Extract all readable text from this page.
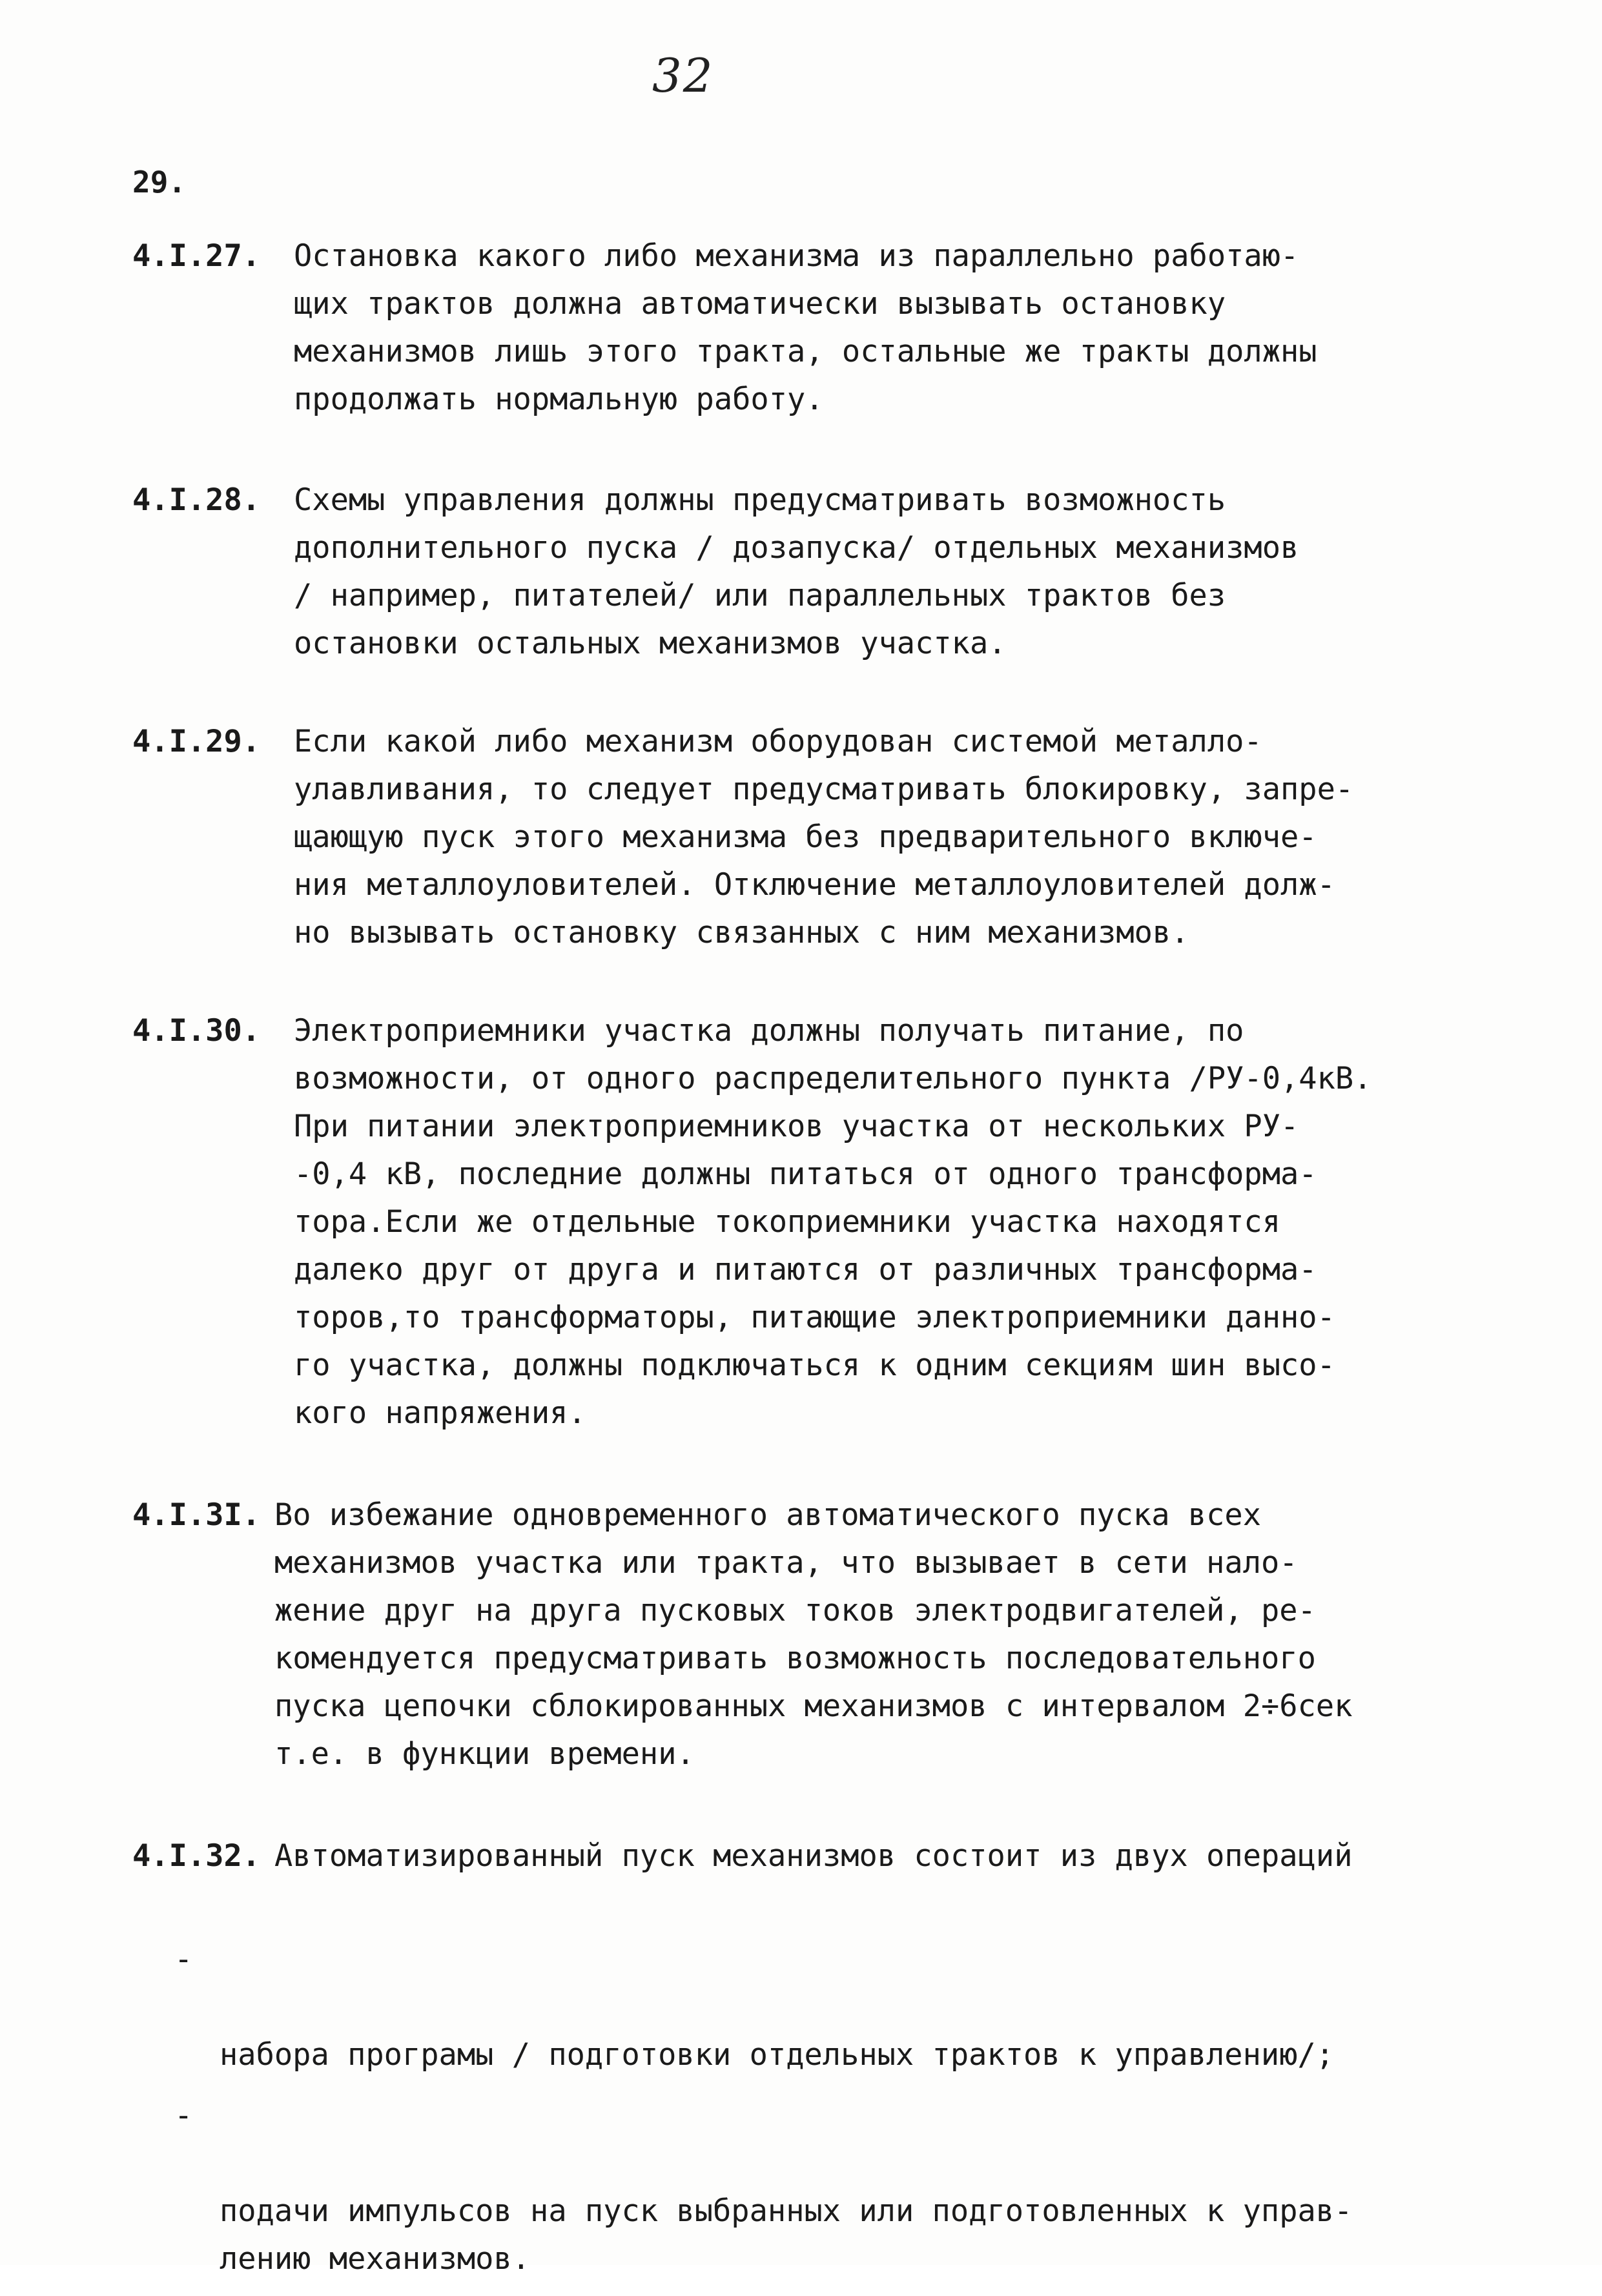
32
29.
4.I.27. Остановка какого либо механизма из параллельно работаю-
щих трактов должна автоматически вызывать остановку
механизмов лишь этого тракта, остальные же тракты должны
продолжать нормальную работу.
4.I.28. Схемы управления должны предусматривать возможность
дополнительного пуска / дозапуска/ отдельных механизмов
/ например, питателей/ или параллельных трактов без
остановки остальных механизмов участка.
4.I.29. Если какой либо механизм оборудован системой металло-
улавливания, то следует предусматривать блокировку, запре-
щающую пуск этого механизма без предварительного включе-
ния металлоуловителей. Отключение металлоуловителей долж-
но вызывать остановку связанных с ним механизмов.
4.I.30. Электроприемники участка должны получать питание, по
возможности, от одного распределительного пункта /РУ-0,4кВ.
При питании электроприемников участка от нескольких РУ-
-0,4 кВ, последние должны питаться от одного трансформа-
тора.Если же отдельные токоприемники участка находятся
далеко друг от друга и питаются от различных трансформа-
торов,то трансформаторы, питающие электроприемники данно-
го участка, должны подключаться к одним секциям шин высо-
кого напряжения.
4.I.3I. Во избежание одновременного автоматического пуска всех
механизмов участка или тракта, что вызывает в сети нало-
жение друг на друга пусковых токов электродвигателей, ре-
комендуется предусматривать возможность последовательного
пуска цепочки сблокированных механизмов с интервалом 2÷6сек
т.е. в функции времени.
4.I.32. Автоматизированный пуск механизмов состоит из двух операций

-

набора програмы / подготовки отдельных трактов к управлению/;

-

подачи импульсов на пуск выбранных или подготовленных к управ-
лению механизмов.
